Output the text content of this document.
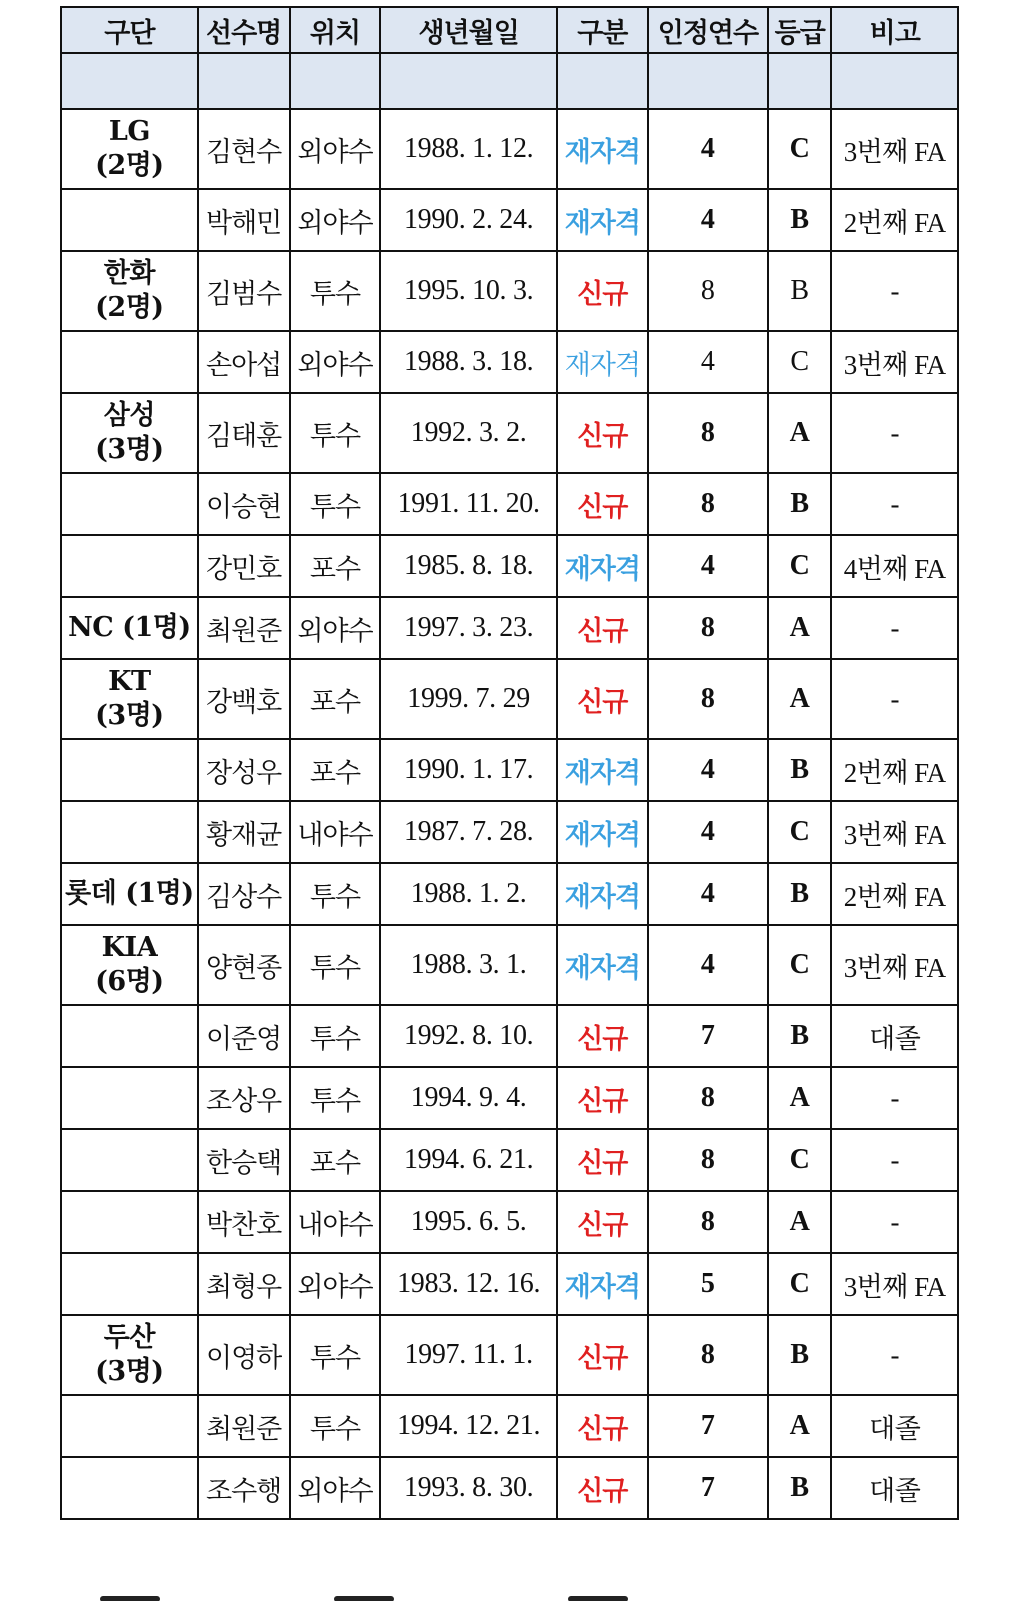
구단	선수명	위치	생년월일	구분	인정연수	등급	비고

LG
(2명)	김현수	외야수	1988. 1. 12.	재자격	4	C	3번째 FA
	박해민	외야수	1990. 2. 24.	재자격	4	B	2번째 FA
한화
(2명)	김범수	투수	1995. 10. 3.	신규	8	B	-
	손아섭	외야수	1988. 3. 18.	재자격	4	C	3번째 FA
삼성
(3명)	김태훈	투수	1992. 3. 2.	신규	8	A	-
	이승현	투수	1991. 11. 20.	신규	8	B	-
	강민호	포수	1985. 8. 18.	재자격	4	C	4번째 FA
NC (1명)	최원준	외야수	1997. 3. 23.	신규	8	A	-
KT
(3명)	강백호	포수	1999. 7. 29	신규	8	A	-
	장성우	포수	1990. 1. 17.	재자격	4	B	2번째 FA
	황재균	내야수	1987. 7. 28.	재자격	4	C	3번째 FA
롯데 (1명)	김상수	투수	1988. 1. 2.	재자격	4	B	2번째 FA
KIA
(6명)	양현종	투수	1988. 3. 1.	재자격	4	C	3번째 FA
	이준영	투수	1992. 8. 10.	신규	7	B	대졸
	조상우	투수	1994. 9. 4.	신규	8	A	-
	한승택	포수	1994. 6. 21.	신규	8	C	-
	박찬호	내야수	1995. 6. 5.	신규	8	A	-
	최형우	외야수	1983. 12. 16.	재자격	5	C	3번째 FA
두산
(3명)	이영하	투수	1997. 11. 1.	신규	8	B	-
	최원준	투수	1994. 12. 21.	신규	7	A	대졸
	조수행	외야수	1993. 8. 30.	신규	7	B	대졸
